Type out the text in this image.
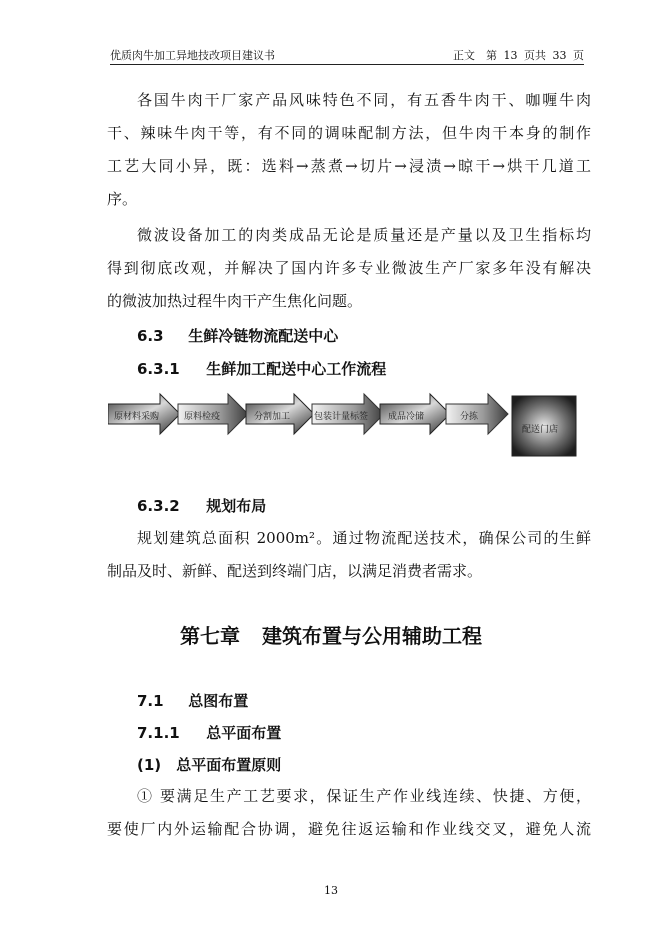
优质肉牛加工异地技改项目建议书	正文　第 13 页共 33 页
各国牛肉干厂家产品风味特色不同，有五香牛肉干、咖喱牛肉
干、辣味牛肉干等，有不同的调味配制方法，但牛肉干本身的制作
工艺大同小异，既：选料→蒸煮→切片→浸渍→晾干→烘干几道工
序。
微波设备加工的肉类成品无论是质量还是产量以及卫生指标均
得到彻底改观，并解决了国内许多专业微波生产厂家多年没有解决
的微波加热过程牛肉干产生焦化问题。
6.3 生鲜冷链物流配送中心
6.3.1 生鲜加工配送中心工作流程
原材料采购	原料检疫	分割加工	包装计量标签 成品冷储	分拣
配送门店
6.3.2 规划布局
规划建筑总面积 2000m²。通过物流配送技术，确保公司的生鲜
制品及时、新鲜、配送到终端门店，以满足消费者需求。
第七章 建筑布置与公用辅助工程
7.1 总图布置
7.1.1 总平面布置
(1) 总平面布置原则
① 要满足生产工艺要求，保证生产作业线连续、快捷、方便，
要使厂内外运输配合协调，避免往返运输和作业线交叉，避免人流
13
